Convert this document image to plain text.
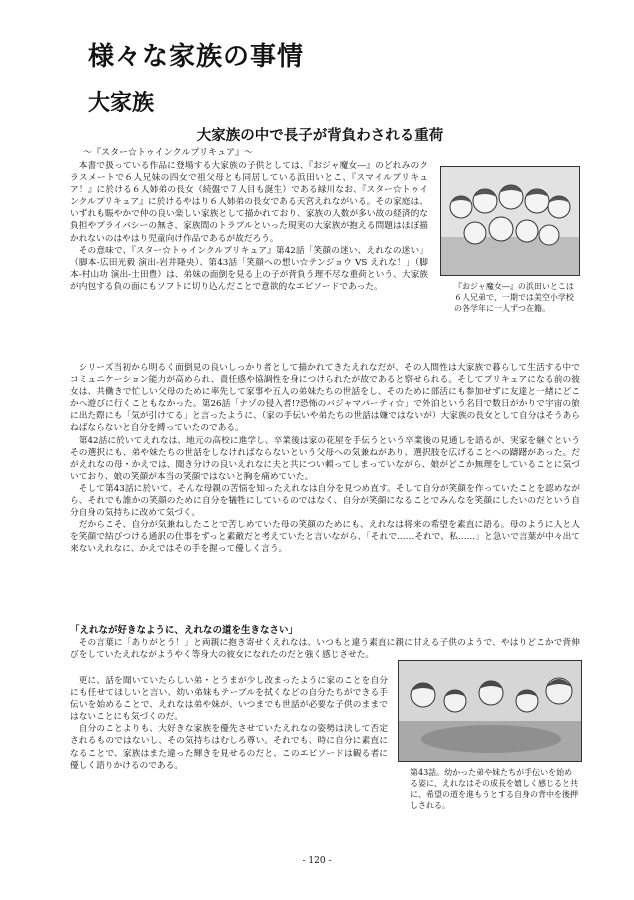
様々な家族の事情
大家族
大家族の中で長子が背負わされる重荷

～『スター☆トゥインクルプリキュア』～

本書で扱っている作品に登場する大家族の子供としては、『おジャ魔女―』のどれみのクラスメートで６人兄妹の四女で祖父母とも同居している浜田いとこ、『スマイルプリキュア！』に於ける６人姉弟の長女（続盤で７人目も誕生）である緑川なお、『スター☆トゥインクルプリキュア』に於けるやはり６人姉弟の長女である天宮えれながいる。その家庭は、いずれも賑やかで仲の良い楽しい家族として描かれており、家族の人数が多い故の経済的な負担やプライバシーの無さ、家族間のトラブルといった現実の大家族が抱える問題はほぼ描かれないのはやはり児童向け作品であるが故だろう。

その意味で、『スター☆トゥインクルプリキュア』第42話「笑顔の迷い、えれなの迷い」（脚本-広田光毅 演出-岩井隆央）、第43話「笑顔への想い☆テンジョウ VS えれな！」（脚本-村山功 演出-土田豊）は、弟妹の面倒を見る上の子が背負う理不尽な重荷という、大家族が内包する負の面にもソフトに切り込んだことで意欲的なエピソードであった。	『おジャ魔女―』の浜田いとこは６人兄弟で、一期では美空小学校の各学年に一人ずつ在籍。

シリーズ当初から明るく面倒見の良いしっかり者として描かれてきたえれなだが、その人間性は大家族で暮らして生活する中でコミュニケーション能力が高められ、責任感や協調性を身につけられたが故であると察せられる。そしてプリキュアになる前の彼女は、共働きで忙しい父母のために率先して家事や五人の弟妹たちの世話をし、そのために部活にも参加せずに友達と一緒にどこかへ遊びに行くこともなかった。第26話「ナゾの侵入者!?恐怖のバジャマパーティ☆」で外泊という名目で数日がかりで宇宙の旅に出た際にも「気が引けてる」と言ったように、（家の手伝いや弟たちの世話は嫌ではないが）大家族の長女として自分はそうあらねばならないと自分を縛っていたのである。

第42話に於いてえれなは、地元の高校に進学し、卒業後は家の花屋を手伝うという卒業後の見通しを語るが、実家を継ぐというその選択にも、弟や妹たちの世話をしなければならないという父母への気兼ねがあり、選択肢を広げることへの躊躇があった。だがえれなの母・かえでは、聞き分けの良いえれなに夫と共につい頼ってしまっていながら、娘がどこか無理をしていることに気づいており、娘の笑顔が本当の笑顔ではないと胸を痛めていた。

そして第43話に於いて、そんな母親の苦悩を知ったえれなは自分を見つめ直す。そして自分が笑顔を作っていたことを認めながら、それでも誰かの笑顔のために自分を犠牲にしているのではなく、自分が笑顔になることでみんなを笑顔にしたいのだという自分自身の気持ちに改めて気づく。

だからこそ、自分が気兼ねしたことで苦しめていた母の笑顔のためにも、えれなは将来の希望を素直に語る。母のように人と人を笑顔で結びつける通訳の仕事をずっと素敵だと考えていたと言いながら、「それで……それで、私……」と急いで言葉が中々出て来ないえれなに、かえではその手を握って優しく言う。

「えれなが好きなように、えれなの道を生きなさい」

その言葉に「ありがとう！」と両親に抱き寄せくえれなは、いつもと違う素直に親に甘える子供のようで、やはりどこかで背伸びをしていたえれながようやく等身大の彼女になれたのだと強く感じさせた。

更に、話を聞いていたらしい弟・とうまが少し改まったように家のことを自分にも任せてほしいと言い、幼い弟妹もテーブルを拭くなどの自分たちができる手伝いを始めることで、えれなは弟や妹が、いつまでも世話が必要な子供のままではないことにも気づくのだ。

自分のことよりも、大好きな家族を優先させていたえれなの姿勢は決して否定されるものではないし、その気持ちはむしろ尊い。それでも、時に自分に素直になることで、家族はまた違った輝きを見せるのだと、このエピソードは観る者に優しく語りかけるのである。

第43話。幼かった弟や妹たちが手伝いを始める姿に、えれなはその成長を嬉しく感じると共に、希望の道を進もうとする自身の背中を後押しされる。

- 120 -
